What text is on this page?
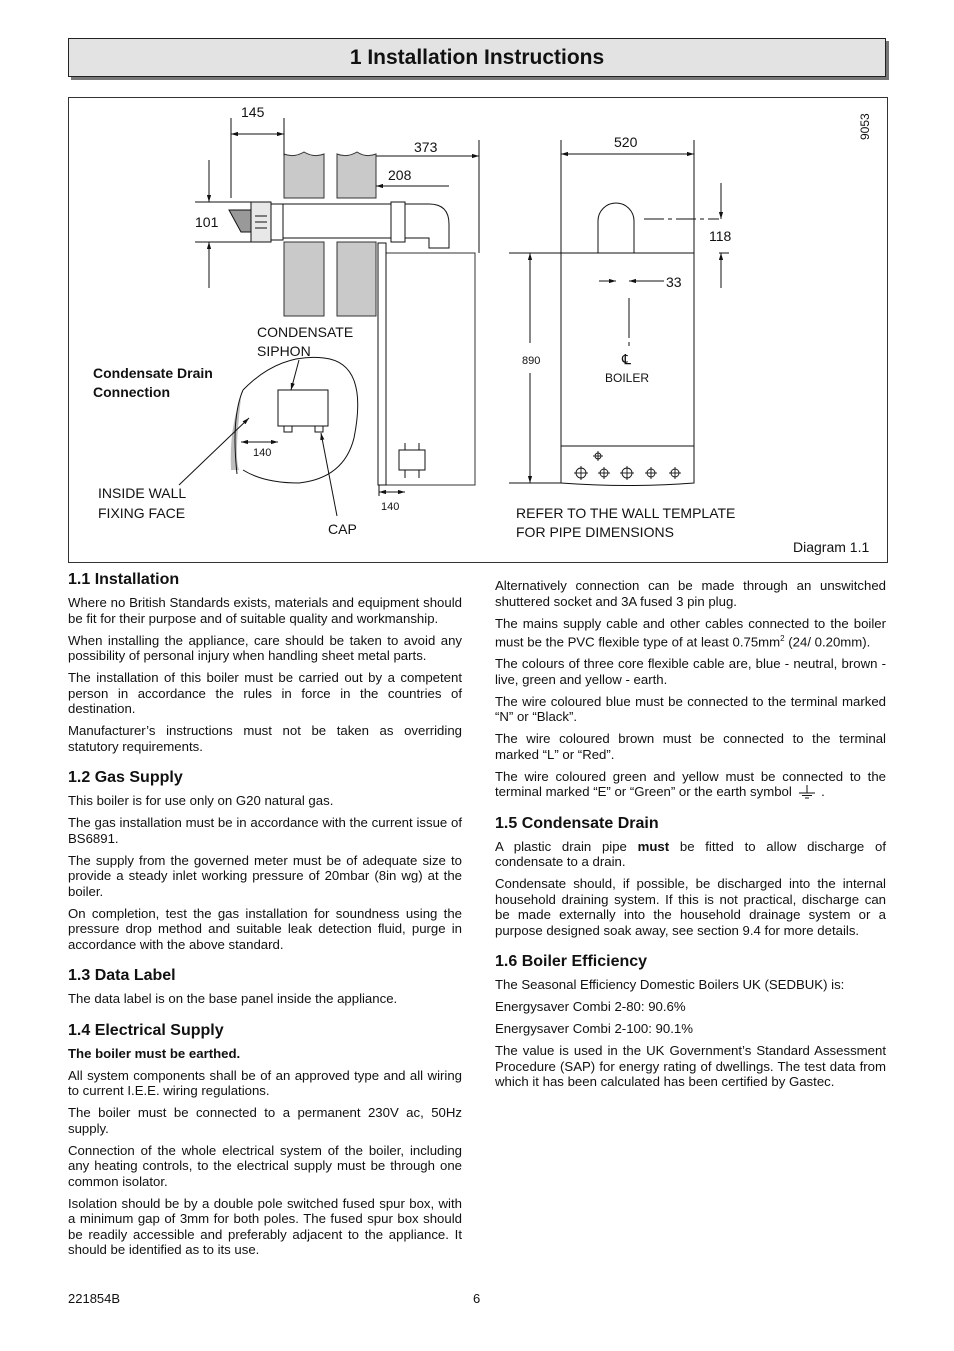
1 Installation Instructions
145
373
208
101
520
118
33
CONDENSATE
SIPHON
INSIDE WALL
FIXING FACE
CAP
REFER TO THE WALL TEMPLATE
FOR PIPE DIMENSIONS
Diagram 1.1
℄
Condensate Drain
Connection
140
140
890
BOILER
9053
1.1 Installation

Where no British Standards exists, materials and equipment should be fit for their purpose and of suitable quality and workmanship.

When installing the appliance, care should be taken to avoid any possibility of personal injury when handling sheet metal parts.

The installation of this boiler must be carried out by a competent person in accordance the rules in force in the countries of destination.

Manufacturer’s instructions must not be taken as overriding statutory requirements.

1.2 Gas Supply

This boiler is for use only on G20 natural gas.

The gas installation must be in accordance with the current issue of BS6891.

The supply from the governed meter must be of adequate size to provide a steady inlet working pressure of 20mbar (8in wg) at the boiler.

On completion, test the gas installation for soundness using the pressure drop method and suitable leak detection fluid, purge in accordance with the above standard.

1.3 Data Label

The data label is on the base panel inside the appliance.

1.4 Electrical Supply

The boiler must be earthed.

All system components shall be of an approved type and all wiring to current I.E.E. wiring regulations.

The boiler must be connected to a permanent 230V ac, 50Hz supply.

Connection of the whole electrical system of the boiler, including any heating controls, to the electrical supply must be through one common isolator.

Isolation should be by a double pole switched fused spur box, with a minimum gap of 3mm for both poles. The fused spur box should be readily accessible and preferably adjacent to the appliance. It should be identified as to its use.

Alternatively connection can be made through an unswitched shuttered socket and 3A fused 3 pin plug.

The mains supply cable and other cables connected to the boiler must be the PVC flexible type of at least $0.75mm^2$ (24/ 0.20mm).

The colours of three core flexible cable are, blue - neutral, brown - live, green and yellow - earth.

The wire coloured blue must be connected to the terminal marked “N” or “Black”.

The wire coloured brown must be connected to the terminal marked “L” or “Red”.

The wire coloured green and yellow must be connected to the terminal marked “E” or “Green” or the earth symbol  .

1.5 Condensate Drain

A plastic drain pipe must be fitted to allow discharge of condensate to a drain.

Condensate should, if possible, be discharged into the internal household draining system. If this is not practical, discharge can be made externally into the household drainage system or a purpose designed soak away, see section 9.4 for more details.

1.6 Boiler Efficiency

The Seasonal Efficiency Domestic Boilers UK (SEDBUK) is:

Energysaver Combi 2-80: 90.6%

Energysaver Combi 2-100: 90.1%

The value is used in the UK Government’s Standard Assessment Procedure (SAP) for energy rating of dwellings. The test data from which it has been calculated has been certified by Gastec.

221854B	6
